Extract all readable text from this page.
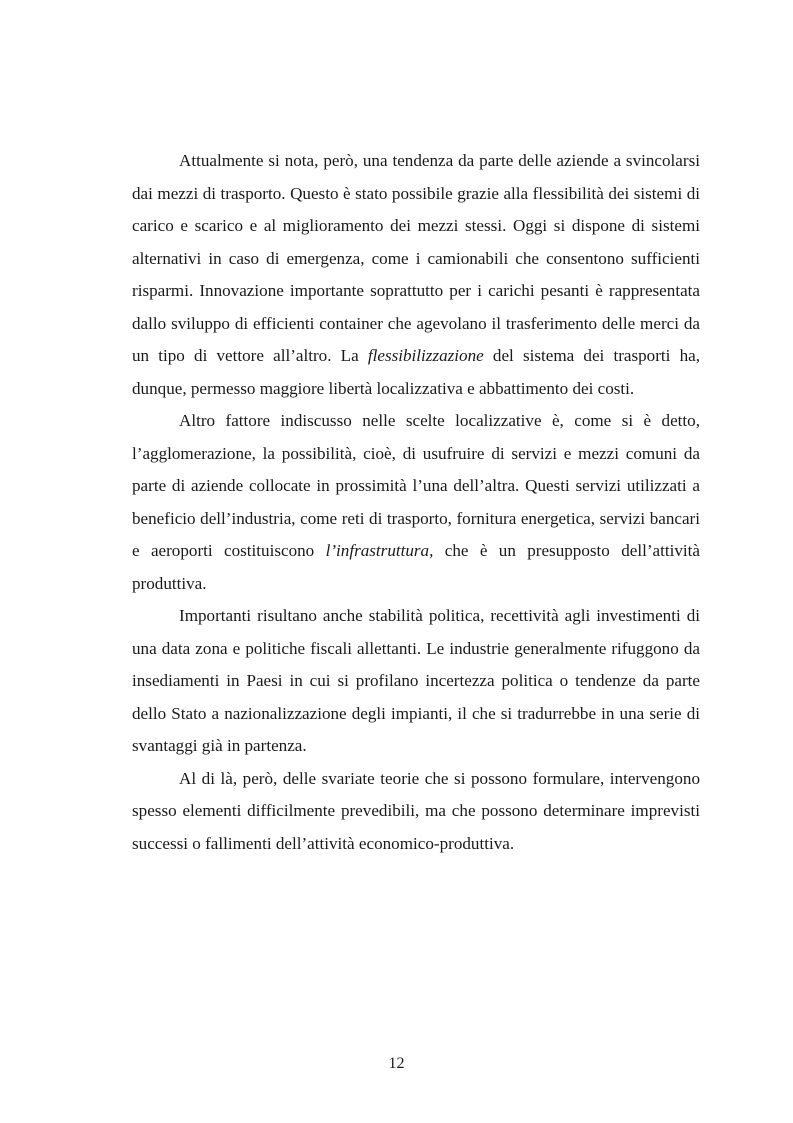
Attualmente si nota, però, una tendenza da parte delle aziende a svincolarsi dai mezzi di trasporto. Questo è stato possibile grazie alla flessibilità dei sistemi di carico e scarico e al miglioramento dei mezzi stessi. Oggi si dispone di sistemi alternativi in caso di emergenza, come i camionabili che consentono sufficienti risparmi. Innovazione importante soprattutto per i carichi pesanti è rappresentata dallo sviluppo di efficienti container che agevolano il trasferimento delle merci da un tipo di vettore all’altro. La flessibilizzazione del sistema dei trasporti ha, dunque, permesso maggiore libertà localizzativa e abbattimento dei costi.

Altro fattore indiscusso nelle scelte localizzative è, come si è detto, l’agglomerazione, la possibilità, cioè, di usufruire di servizi e mezzi comuni da parte di aziende collocate in prossimità l’una dell’altra. Questi servizi utilizzati a beneficio dell’industria, come reti di trasporto, fornitura energetica, servizi bancari e aeroporti costituiscono l’infrastruttura, che è un presupposto dell’attività produttiva.

Importanti risultano anche stabilità politica, recettività agli investimenti di una data zona e politiche fiscali allettanti. Le industrie generalmente rifuggono da insediamenti in Paesi in cui si profilano incertezza politica o tendenze da parte dello Stato a nazionalizzazione degli impianti, il che si tradurrebbe in una serie di svantaggi già in partenza.

Al di là, però, delle svariate teorie che si possono formulare, intervengono spesso elementi difficilmente prevedibili, ma che possono determinare imprevisti successi o fallimenti dell’attività economico-produttiva.

12
